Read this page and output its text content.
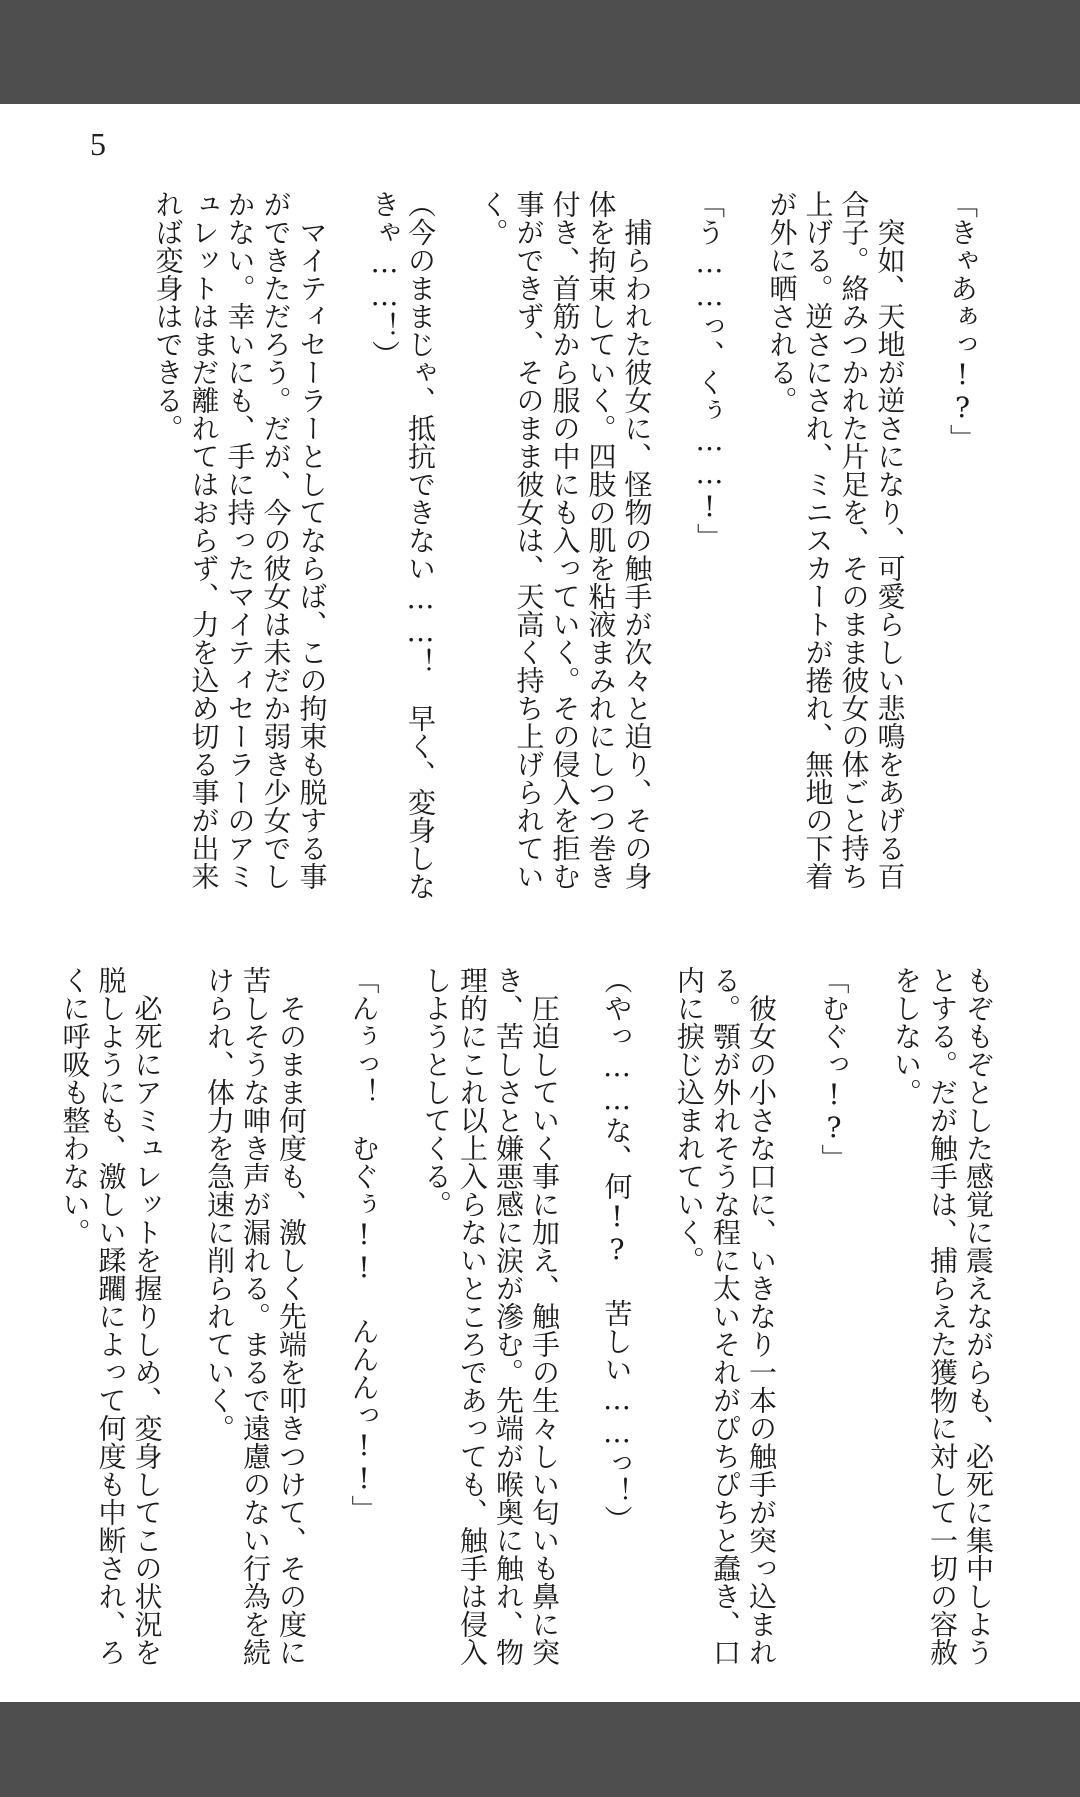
5

「きゃあぁっ!?」

突如、天地が逆さになり、可愛らしい悲鳴をあげる百合子。絡みつかれた片足を、そのまま彼女の体ごと持ち上げる。逆さにされ、ミニスカートが捲れ、無地の下着が外に晒される。

「う……っ、くぅ……!」

捕らわれた彼女に、怪物の触手が次々と迫り、その身体を拘束していく。四肢の肌を粘液まみれにしつつ巻き付き、首筋から服の中にも入っていく。その侵入を拒む事ができず、そのまま彼女は、天高く持ち上げられていく。

（今のままじゃ、抵抗できない……！　早く、変身しなきゃ……！）

マイティセーラーとしてならば、この拘束も脱する事ができただろう。だが、今の彼女は未だか弱き少女でしかない。幸いにも、手に持ったマイティセーラーのアミュレットはまだ離れてはおらず、力を込め切る事が出来れば変身はできる。

もぞもぞとした感覚に震えながらも、必死に集中しようとする。だが触手は、捕らえた獲物に対して一切の容赦をしない。

「むぐっ!?」

彼女の小さな口に、いきなり一本の触手が突っ込まれる。顎が外れそうな程に太いそれがぴちぴちと蠢き、口内に捩じ込まれていく。

（やっ……な、何!? 苦しい……っ！）

圧迫していく事に加え、触手の生々しい匂いも鼻に突き、苦しさと嫌悪感に涙が滲む。先端が喉奥に触れ、物理的にこれ以上入らないところであっても、触手は侵入しようとしてくる。

「んぅっ！　むぐぅ!! んんんっ!!」

そのまま何度も、激しく先端を叩きつけて、その度に苦しそうな呻き声が漏れる。まるで遠慮のない行為を続けられ、体力を急速に削られていく。

必死にアミュレットを握りしめ、変身してこの状況を脱しようにも、激しい蹂躙によって何度も中断され、ろくに呼吸も整わない。
